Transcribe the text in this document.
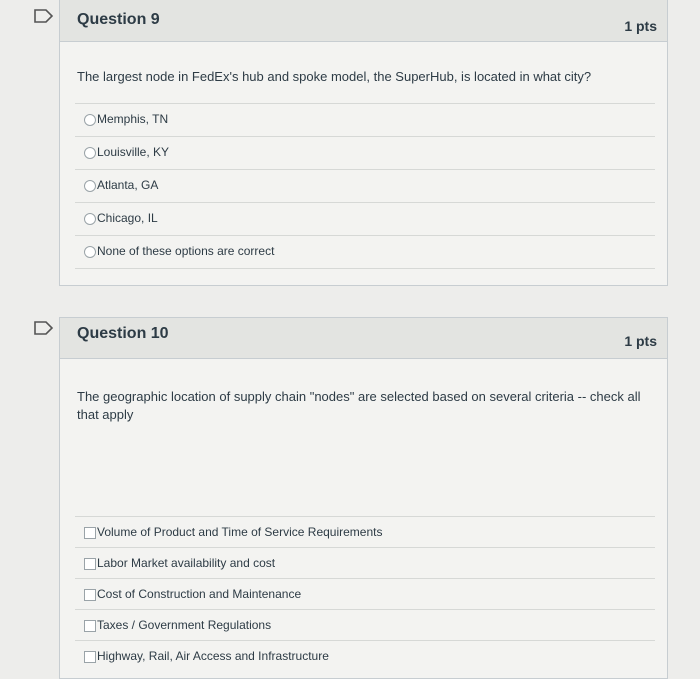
Question 9	1 pts
The largest node in FedEx's hub and spoke model, the SuperHub, is located in what city?
Memphis, TN
Louisville, KY
Atlanta, GA
Chicago, IL
None of these options are correct
Question 10	1 pts
The geographic location of supply chain "nodes" are selected based on several criteria -- check all that apply
Volume of Product and Time of Service Requirements
Labor Market availability and cost
Cost of Construction and Maintenance
Taxes / Government Regulations
Highway, Rail, Air Access and Infrastructure
